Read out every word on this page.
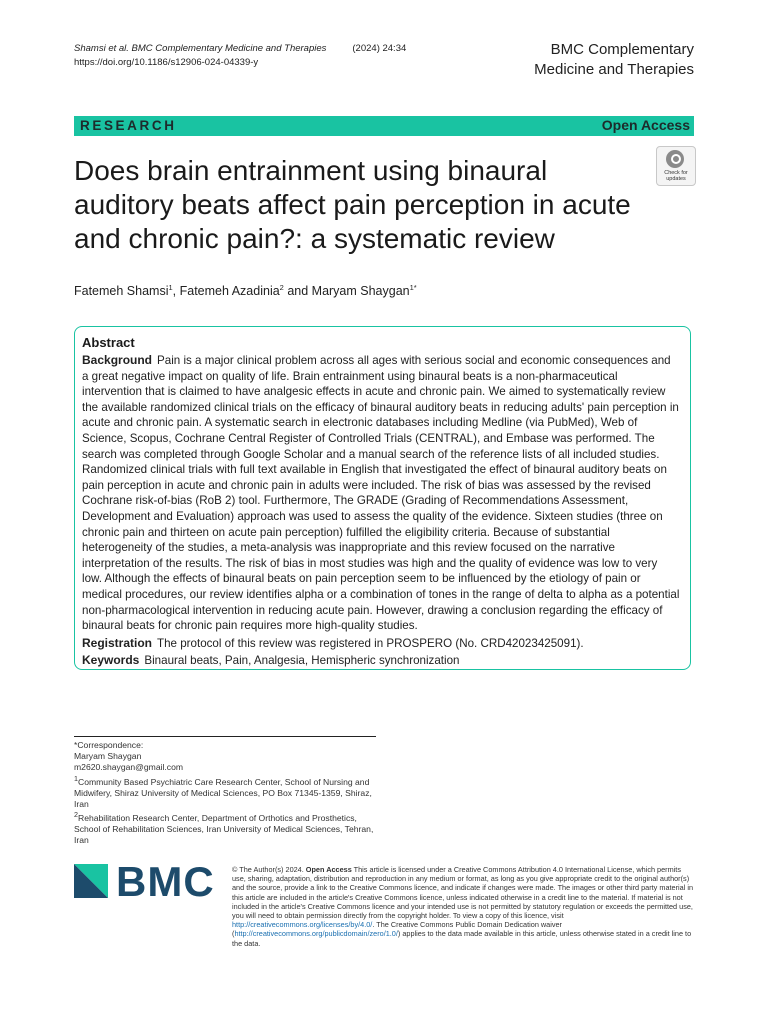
Shamsi et al. BMC Complementary Medicine and Therapies	(2024) 24:34
https://doi.org/10.1186/s12906-024-04339-y
BMC Complementary
Medicine and Therapies
RESEARCH	Open Access
Does brain entrainment using binaural auditory beats affect pain perception in acute and chronic pain?: a systematic review
Check for
updates
Fatemeh Shamsi$^1$, Fatemeh Azadinia$^2$ and Maryam Shaygan$^{1*}$
Abstract

Background Pain is a major clinical problem across all ages with serious social and economic consequences and a great negative impact on quality of life. Brain entrainment using binaural beats is a non-pharmaceutical intervention that is claimed to have analgesic effects in acute and chronic pain. We aimed to systematically review the available randomized clinical trials on the efficacy of binaural auditory beats in reducing adults' pain perception in acute and chronic pain. A systematic search in electronic databases including Medline (via PubMed), Web of Science, Scopus, Cochrane Central Register of Controlled Trials (CENTRAL), and Embase was performed. The search was completed through Google Scholar and a manual search of the reference lists of all included studies. Randomized clinical trials with full text available in English that investigated the effect of binaural auditory beats on pain perception in acute and chronic pain in adults were included. The risk of bias was assessed by the revised Cochrane risk-of-bias (RoB 2) tool. Furthermore, The GRADE (Grading of Recommendations Assessment, Development and Evaluation) approach was used to assess the quality of the evidence. Sixteen studies (three on chronic pain and thirteen on acute pain perception) fulfilled the eligibility criteria. Because of substantial heterogeneity of the studies, a meta-analysis was inappropriate and this review focused on the narrative interpretation of the results. The risk of bias in most studies was high and the quality of evidence was low to very low. Although the effects of binaural beats on pain perception seem to be influenced by the etiology of pain or medical procedures, our review identifies alpha or a combination of tones in the range of delta to alpha as a potential non-pharmacological intervention in reducing acute pain. However, drawing a conclusion regarding the efficacy of binaural beats for chronic pain requires more high-quality studies.

Registration The protocol of this review was registered in PROSPERO (No. CRD42023425091).

Keywords Binaural beats, Pain, Analgesia, Hemispheric synchronization

*Correspondence:

Maryam Shaygan

m2620.shaygan@gmail.com

$^1$Community Based Psychiatric Care Research Center, School of Nursing and Midwifery, Shiraz University of Medical Sciences, PO Box 71345-1359, Shiraz, Iran

$^2$Rehabilitation Research Center, Department of Orthotics and Prosthetics, School of Rehabilitation Sciences, Iran University of Medical Sciences, Tehran, Iran

BMC © The Author(s) 2024. Open Access This article is licensed under a Creative Commons Attribution 4.0 International License, which permits use, sharing, adaptation, distribution and reproduction in any medium or format, as long as you give appropriate credit to the original author(s) and the source, provide a link to the Creative Commons licence, and indicate if changes were made. The images or other third party material in this article are included in the article's Creative Commons licence, unless indicated otherwise in a credit line to the material. If material is not included in the article's Creative Commons licence and your intended use is not permitted by statutory regulation or exceeds the permitted use, you will need to obtain permission directly from the copyright holder. To view a copy of this licence, visit http://creativecommons.org/licenses/by/4.0/. The Creative Commons Public Domain Dedication waiver (http://creativecommons.org/publicdomain/zero/1.0/) applies to the data made available in this article, unless otherwise stated in a credit line to the data.
